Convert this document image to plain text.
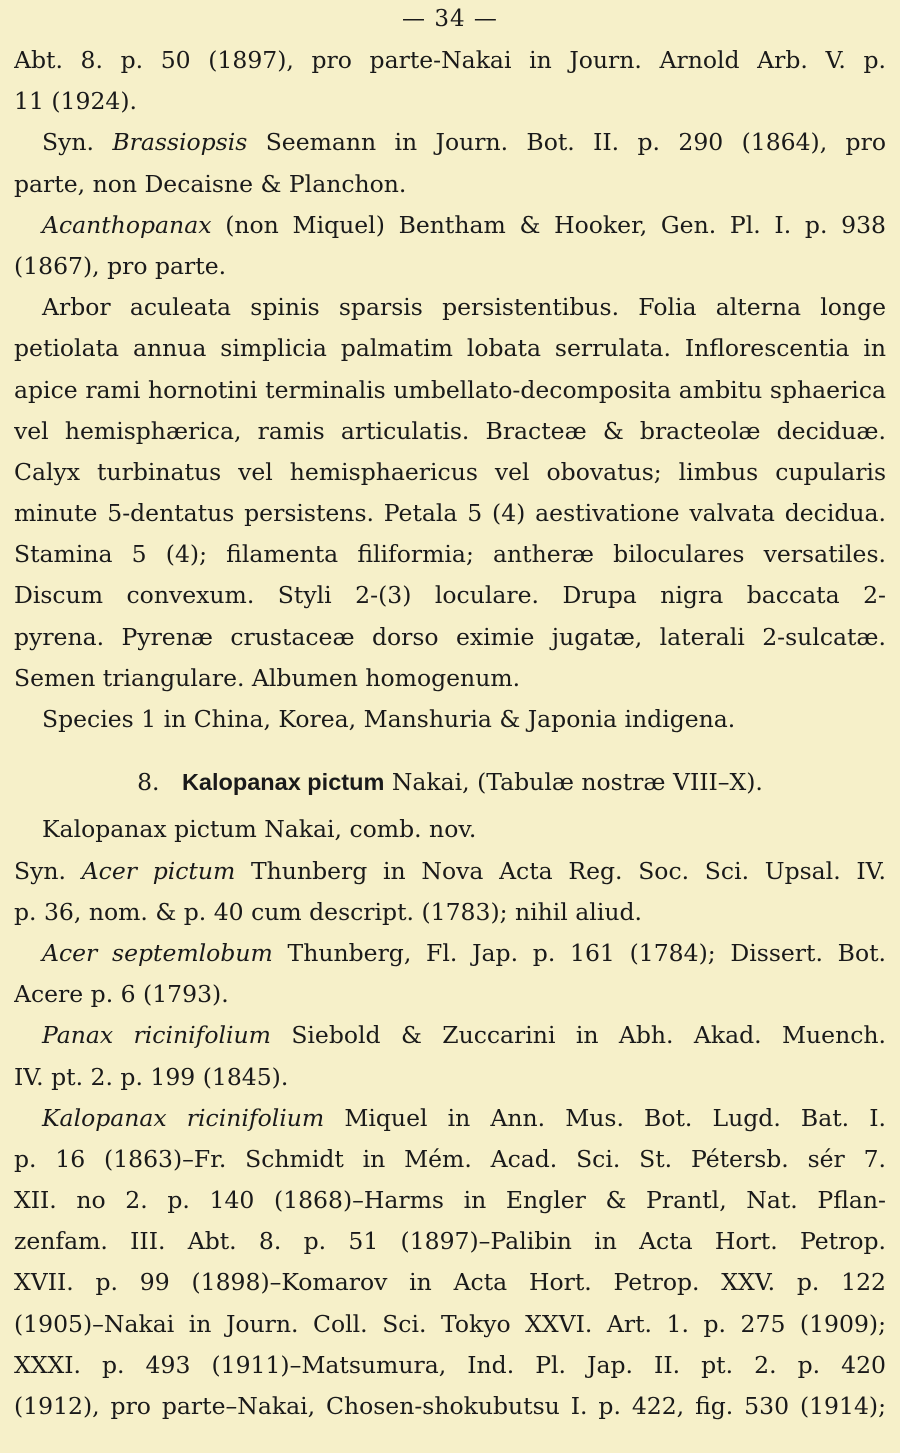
— 34 —
Abt. 8. p. 50 (1897), pro parte-Nakai in Journ. Arnold Arb. V. p.
11 (1924).
Syn. Brassiopsis Seemann in Journ. Bot. II. p. 290 (1864), pro
parte, non Decaisne & Planchon.
Acanthopanax (non Miquel) Bentham & Hooker, Gen. Pl. I. p. 938
(1867), pro parte.
Arbor aculeata spinis sparsis persistentibus. Folia alterna longe
petiolata annua simplicia palmatim lobata serrulata. Inflorescentia in
apice rami hornotini terminalis umbellato-decomposita ambitu sphaerica
vel hemisphærica, ramis articulatis. Bracteæ & bracteolæ deciduæ.
Calyx turbinatus vel hemisphaericus vel obovatus; limbus cupularis
minute 5-dentatus persistens. Petala 5 (4) aestivatione valvata decidua.
Stamina 5 (4); filamenta filiformia; antheræ biloculares versatiles.
Discum convexum. Styli 2-(3) loculare. Drupa nigra baccata 2-
pyrena. Pyrenæ crustaceæ dorso eximie jugatæ, laterali 2-sulcatæ.
Semen triangulare. Albumen homogenum.
Species 1 in China, Korea, Manshuria & Japonia indigena.
8. Kalopanax pictum Nakai, (Tabulæ nostræ VIII–X).
Kalopanax pictum Nakai, comb. nov.
Syn. Acer pictum Thunberg in Nova Acta Reg. Soc. Sci. Upsal. IV.
p. 36, nom. & p. 40 cum descript. (1783); nihil aliud.
Acer septemlobum Thunberg, Fl. Jap. p. 161 (1784); Dissert. Bot.
Acere p. 6 (1793).
Panax ricinifolium Siebold & Zuccarini in Abh. Akad. Muench.
IV. pt. 2. p. 199 (1845).
Kalopanax ricinifolium Miquel in Ann. Mus. Bot. Lugd. Bat. I.
p. 16 (1863)–Fr. Schmidt in Mém. Acad. Sci. St. Pétersb. sér 7.
XII. no 2. p. 140 (1868)–Harms in Engler & Prantl, Nat. Pflan-
zenfam. III. Abt. 8. p. 51 (1897)–Palibin in Acta Hort. Petrop.
XVII. p. 99 (1898)–Komarov in Acta Hort. Petrop. XXV. p. 122
(1905)–Nakai in Journ. Coll. Sci. Tokyo XXVI. Art. 1. p. 275 (1909);
XXXI. p. 493 (1911)–Matsumura, Ind. Pl. Jap. II. pt. 2. p. 420
(1912), pro parte–Nakai, Chosen-shokubutsu I. p. 422, fig. 530 (1914);
